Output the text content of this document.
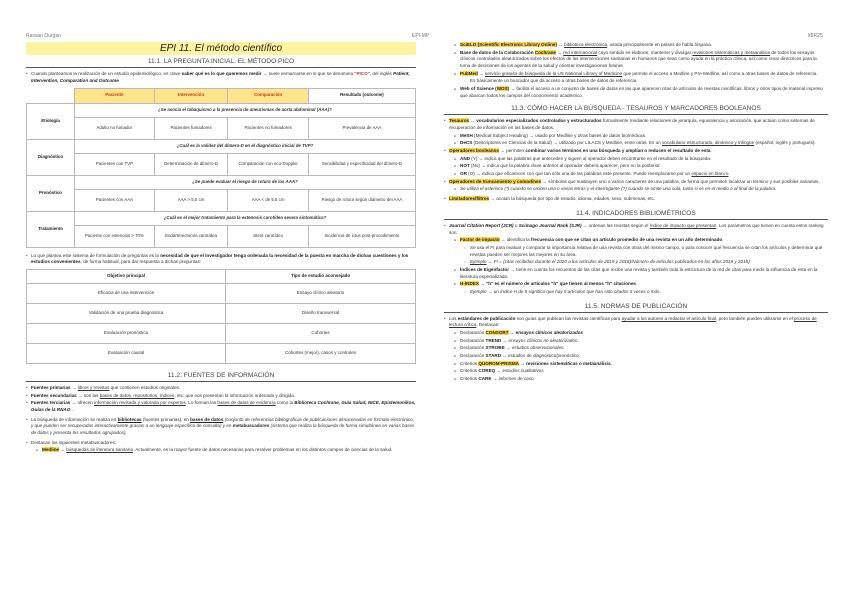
Rassan Ourgan	EPI-MP	MIR25
EPI 11. El método científico
11.1. LA PREGUNTA INICIAL. EL MÉTODO PICO
• Cuando planteamos la realización de un estudio epidemiológico, es clave saber qué es lo que queremos medir → suele enmarcarse en lo que se denomina "PICO", del inglés Patient, Intervention, Comparation and Outcome
	Paciente	Intervención	Comparación	Resultado (outcome)
Etiología	¿Se asocia el tabaquismo a la presencia de aneurismas de aorta abdominal (AAA)?			
	Adulto no fumador	Pacientes fumadores	Pacientes no fumadores	Prevalencia de AAA
Diagnóstico	¿Cuál es la validez del dímero-D en el diagnóstico inicial de TVP?			
	Pacientes con TVP	Determinación de dímero-D	Comparación con eco-Doppler	Sensibilidad y especificidad del dímero-D
Pronóstico	¿Se puede evaluar el riesgo de rotura de los AAA?			
	Pacientes con AAA	AAA > 5,5 cm	AAA < de 5,5 cm	Riesgo de rotura según diámetro del AAA
Tratamiento	¿Cuál es el mejor tratamiento para la estenosis carotídea severa sintomática?			
	Paciente con estenosis > 70%	Endarterectomía carotídea	Stent carotídeo	Incidencia de ictus post-procedimiento
• Lo que plantea este sistema de formulación de preguntas es la necesidad de que el investigador tenga ordenada la necesidad de la puesta en marcha de dichas cuestiones y los estudios convenientes, de forma habitual, para dar respuesta a dichas preguntas:
Objetivo principal	Tipo de estudio aconsejado
Eficacia de una intervención	Ensayo clínico aleatorio
Validación de una prueba diagnóstica	Diseño transversal
Evaluación pronóstica	Cohortes
Evaluación causal	Cohortes (mejor), casos y controles
11.2. FUENTES DE INFORMACIÓN
• Fuentes primarias → libros y revistas que contienen estudios originales.
• Fuentes secundarias → son las bases de datos, repositorios, índices, etc. que nos presentan la información ordenada y dirigida.
• Fuentes terciarias → ofrecen información revisada y valorada por expertos. Lo forman las bases de datos de evidencia como la Biblioteca Cochrane, Guía Salud, NICE, Epistemonikos, Guías de la RNAO...
• La búsqueda de información se realiza en bibliotecas (fuentes primarias), en bases de datos (conjunto de referencias bibliográficas de publicaciones almacenadas en formato electrónico, y que pueden ser recuperadas interactivamente gracias a un lenguaje específico de consulta) y en metabuscadores (sistema que realiza la búsqueda de forma simultánea en varias bases de datos y presenta los resultados agrupados).
• Destacan los siguientes metabuscadores:
● Medline → búsquedas de literatura sanitaria. Actualmente, es la mayor fuente de datos necesarios para resolver problemas en los distintos campos de ciencias de la salud.
● SciELO (Scientific Electronic Library Online) → biblioteca electrónica, usada principalmente en países de habla hispana.
● Base de datos de la Colaboración Cochrane → red internacional cuyo sentido es elaborar, mantener y divulgar revisiones sistemáticas y metaanálisis de todos los ensayos clínicos controlados aleatorizados sobre los efectos de las intervenciones sanitarias en humanos que sean como ayuda en la práctica clínica, así como crear directrices para la toma de decisiones de los agentes de la salud y orientar investigaciones futuras.
● PubMed → servicio gratuito de búsqueda de la US National Library of Medicine que permite el acceso a Medline y Pre-Medline, así como a otras bases de datos de referencia.
○ Es básicamente un buscador que da acceso a otras bases de datos de referencia.
● Web of Science (WOS) → facilita el acceso a un conjunto de bases de datos en las que aparecen citas de artículos de revistas científicas, libros y otros tipos de material impreso que abarcan todos los campos del conocimiento académico.
11.3. CÓMO HACER LA BÚSQUEDA - TESAUROS Y MARCADORES BOOLEANOS
• Tesauros → vocabularios especializados controlados y estructurados formalmente mediante relaciones de jerarquía, equivalencia y asociación, que actúan como sistemas de recuperación de información en las bases de datos.
● MeSH (Medical Subject Heading) → usado por Medline y otras bases de datos biomédicas.
● DeCS (Descriptores en Ciencias de la Salud) → utilizado por LILACS y Medline, entre otras. Es un vocabulario estructurado, dinámico y trilingüe (español, inglés y portugués).
• Operadores booleanos → permiten combinar varios términos en una búsqueda y amplían o reducen el resultado de esta.
● AND (Y) → indica que las palabras que anteceden y siguen al operador deben encontrarse en el resultado de la búsqueda.
● NOT (No) → indica que la palabra clave anterior al operador deberá aparecer, pero no la posterior.
● OR (O) → indica que el/carecen con que tan sólo una de las palabras este presente. Puede reemplazarse por un espacio en blanco.
• Operadores de truncamiento y comodines → símbolos que sustituyen uno o varios caracteres de una palabra, de forma que permiten localizar un término y sus posibles variantes.
● Se utiliza el asterisco (*) cuando se omiten una o varias letras y el interrogante (?) cuando se omite una sola, tanto si es en el medio o al final de la palabra.
• Limitadores/filtros → acotan la búsqueda por tipo de estudio, idioma, edades, sexo, submenas, etc.
11.4. INDICADORES BIBLIOMÉTRICOS
• Journal Citation Report (JCR) o Scimago Journal Rank (SJR) → ordenan las revistas según el índice de impacto que presentan. Los parámetros que tienen en cuenta estos ranking son:
● Factor de impacto → identifica la frecuencia con que se citan un artículo promedio de una revista en un año determinado.
○ Se usa el FI para evaluar y comparar la importancia relativa de una revista con otras del mismo campo, o para conocer qué frecuencia se citan los artículos y determinar qué revistas pueden ser mejores las mejores en su área.
○ Ejemplo → FI = (citas recibidas durante el 2020 a los artículos de 2019 y 2018)/Número de artículos publicados en los años 2019 y 2018)
● Índices de Eigenfactor → tiene en cuenta los recuentos de las citas que recibe una revista y también toda la estructura de la red de citas para medir la influencia de esta en la literatura especializada.
● H-INDEX → "h" es el número de artículos "h" que tienen al menos "h" citaciones.
○ Ejemplo → un índice H de 5 significa que hay 5 artículos que han sido citados 5 veces o más.
11.5. NORMAS DE PUBLICACIÓN
• Los estándares de publicación son guías que publican las revistas científicas para ayudar a los autores a redactar el artículo final, pero también pueden utilizarse en el proceso de lectura crítica. Destacan:
● Declaración CONSORT → ensayos clínicos aleatorizados
● Declaración TREND → ensayos clínicos no aleatorizados.
● Declaración STROBE → estudios observacionales.
● Declaración STARD → estudios de diagnóstico/pronóstico.
● Criterios QUOROM-PRISMA → revisiones sistemáticas o metaanálisis.
● Criterios COREQ → estudios cualitativos.
● Criterios CARE → informes de caso.
